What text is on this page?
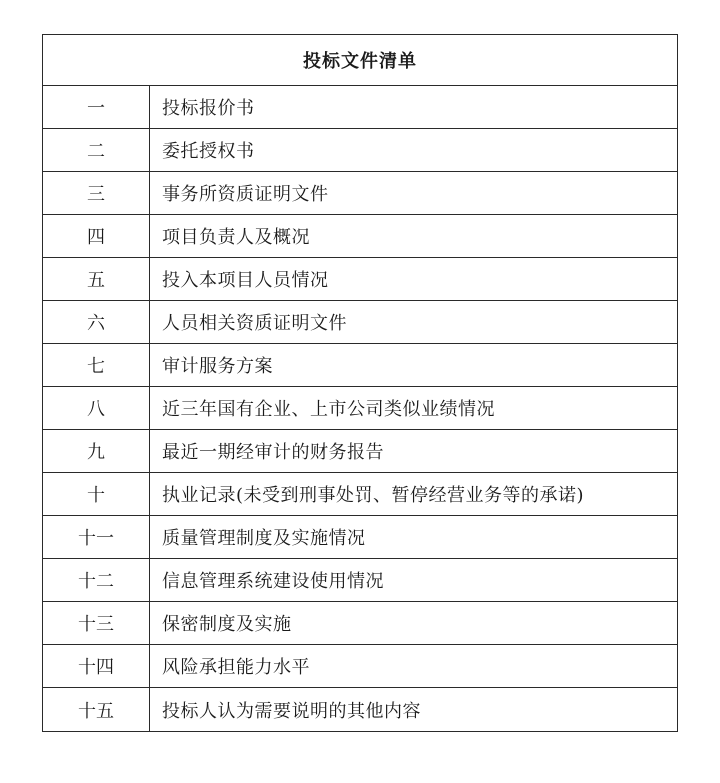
投标文件清单	
一	投标报价书
二	委托授权书
三	事务所资质证明文件
四	项目负责人及概况
五	投入本项目人员情况
六	人员相关资质证明文件
七	审计服务方案
八	近三年国有企业、上市公司类似业绩情况
九	最近一期经审计的财务报告
十	执业记录(未受到刑事处罚、暂停经营业务等的承诺)
十一	质量管理制度及实施情况
十二	信息管理系统建设使用情况
十三	保密制度及实施
十四	风险承担能力水平
十五	投标人认为需要说明的其他内容
